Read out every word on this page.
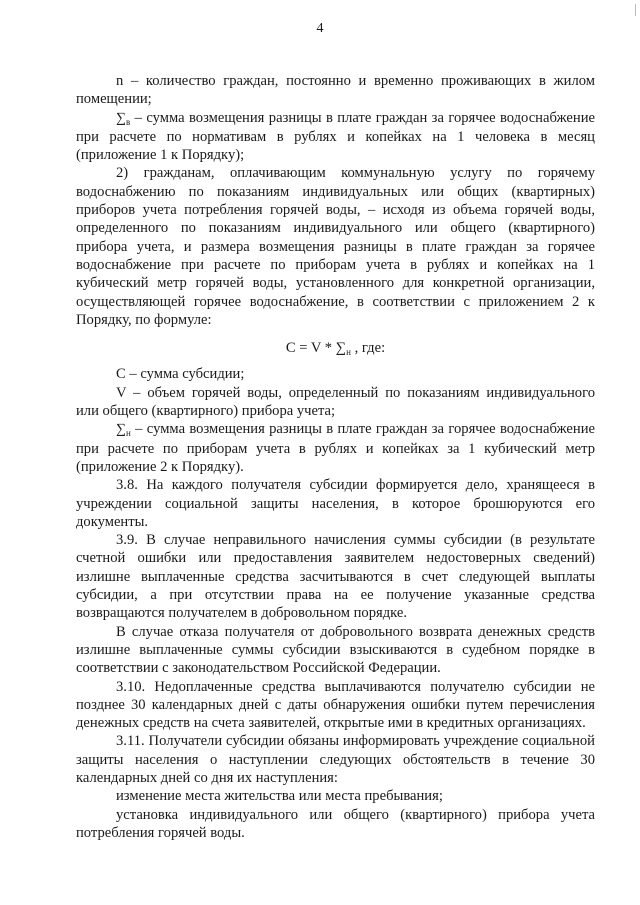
4

n – количество граждан, постоянно и временно проживающих в жилом помещении;

$\sum_в$ – сумма возмещения разницы в плате граждан за горячее водоснабжение при расчете по нормативам в рублях и копейках на 1 человека в месяц (приложение 1 к Порядку);

2) гражданам, оплачивающим коммунальную услугу по горячему водоснабжению по показаниям индивидуальных или общих (квартирных) приборов учета потребления горячей воды, – исходя из объема горячей воды, определенного по показаниям индивидуального или общего (квартирного) прибора учета, и размера возмещения разницы в плате граждан за горячее водоснабжение при расчете по приборам учета в рублях и копейках на 1 кубический метр горячей воды, установленного для конкретной организации, осуществляющей горячее водоснабжение, в соответствии с приложением 2 к Порядку, по формуле:

$C = V * \sum_н$ , где:

C – сумма субсидии;

V – объем горячей воды, определенный по показаниям индивидуального или общего (квартирного) прибора учета;

$\sum_н$ – сумма возмещения разницы в плате граждан за горячее водоснабжение при расчете по приборам учета в рублях и копейках за 1 кубический метр (приложение 2 к Порядку).

3.8. На каждого получателя субсидии формируется дело, хранящееся в учреждении социальной защиты населения, в которое брошюруются его документы.

3.9. В случае неправильного начисления суммы субсидии (в результате счетной ошибки или предоставления заявителем недостоверных сведений) излишне выплаченные средства засчитываются в счет следующей выплаты субсидии, а при отсутствии права на ее получение указанные средства возвращаются получателем в добровольном порядке.

В случае отказа получателя от добровольного возврата денежных средств излишне выплаченные суммы субсидии взыскиваются в судебном порядке в соответствии с законодательством Российской Федерации.

3.10. Недоплаченные средства выплачиваются получателю субсидии не позднее 30 календарных дней с даты обнаружения ошибки путем перечисления денежных средств на счета заявителей, открытые ими в кредитных организациях.

3.11. Получатели субсидии обязаны информировать учреждение социальной защиты населения о наступлении следующих обстоятельств в течение 30 календарных дней со дня их наступления:

изменение места жительства или места пребывания;

установка индивидуального или общего (квартирного) прибора учета потребления горячей воды.
